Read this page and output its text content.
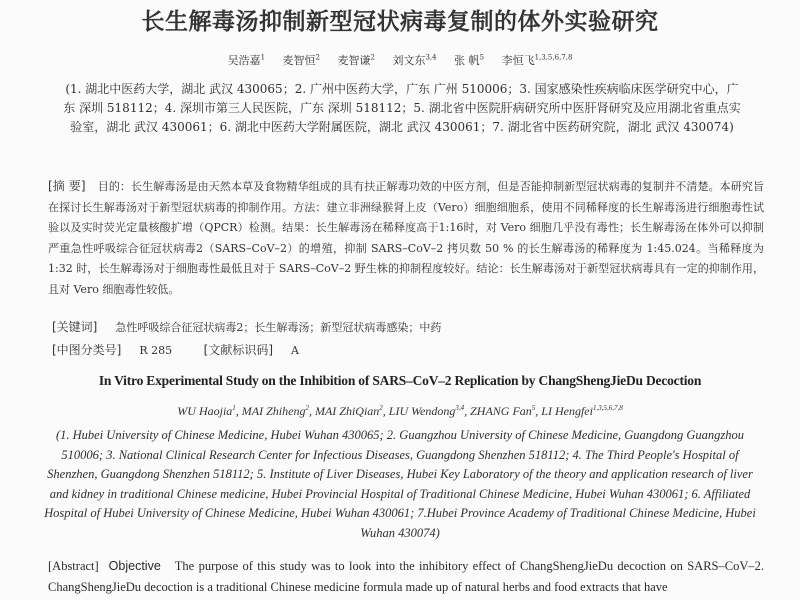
长生解毒汤抑制新型冠状病毒复制的体外实验研究
吴浩嘉$^1$ 麦智恒$^2$ 麦智谦$^2$ 刘文东$^{3,4}$ 张 帆$^5$ 李恒飞$^{1,3,5,6,7,8}$
(1. 湖北中医药大学，湖北 武汉 430065；2. 广州中医药大学，广东 广州 510006；3. 国家感染性疾病临床医学研究中心，广东 深圳 518112；4. 深圳市第三人民医院，广东 深圳 518112；5. 湖北省中医院肝病研究所中医肝肾研究及应用湖北省重点实验室，湖北 武汉 430061；6. 湖北中医药大学附属医院，湖北 武汉 430061；7. 湖北省中医药研究院，湖北 武汉 430074)
[摘 要] 目的：长生解毒汤是由天然本草及食物精华组成的具有扶正解毒功效的中医方剂，但是否能抑制新型冠状病毒的复制并不清楚。本研究旨在探讨长生解毒汤对于新型冠状病毒的抑制作用。方法：建立非洲绿猴肾上皮（Vero）细胞细胞系，使用不同稀释度的长生解毒汤进行细胞毒性试验以及实时荧光定量核酸扩增（QPCR）检测。结果：长生解毒汤在稀释度高于1:16时，对 Vero 细胞几乎没有毒性；长生解毒汤在体外可以抑制严重急性呼吸综合征冠状病毒2（SARS–CoV–2）的增殖，抑制 SARS–CoV–2 拷贝数 50 % 的长生解毒汤的稀释度为 1:45.024。当稀释度为 1:32 时，长生解毒汤对于细胞毒性最低且对于 SARS–CoV–2 野生株的抑制程度较好。结论：长生解毒汤对于新型冠状病毒具有一定的抑制作用，且对 Vero 细胞毒性较低。
[关键词] 急性呼吸综合征冠状病毒2；长生解毒汤；新型冠状病毒感染；中药
[中图分类号] R 285	[文献标识码] A
In Vitro Experimental Study on the Inhibition of SARS–CoV–2 Replication by ChangShengJieDu Decoction
WU Haojia$^1$, MAI Zhiheng$^2$, MAI ZhiQian$^2$, LIU Wendong$^{3,4}$, ZHANG Fan$^5$, LI Hengfei$^{1,3,5,6,7,8}$
(1. Hubei University of Chinese Medicine, Hubei Wuhan 430065; 2. Guangzhou University of Chinese Medicine, Guangdong Guangzhou 510006; 3. National Clinical Research Center for Infectious Diseases, Guangdong Shenzhen 518112; 4. The Third People's Hospital of Shenzhen, Guangdong Shenzhen 518112; 5. Institute of Liver Diseases, Hubei Key Laboratory of the theory and application research of liver and kidney in traditional Chinese medicine, Hubei Provincial Hospital of Traditional Chinese Medicine, Hubei Wuhan 430061; 6. Affiliated Hospital of Hubei University of Chinese Medicine, Hubei Wuhan 430061; 7.Hubei Province Academy of Traditional Chinese Medicine, Hubei Wuhan 430074)
[Abstract] Objective The purpose of this study was to look into the inhibitory effect of ChangShengJieDu decoction on SARS–CoV–2. ChangShengJieDu decoction is a traditional Chinese medicine formula made up of natural herbs and food extracts that have
